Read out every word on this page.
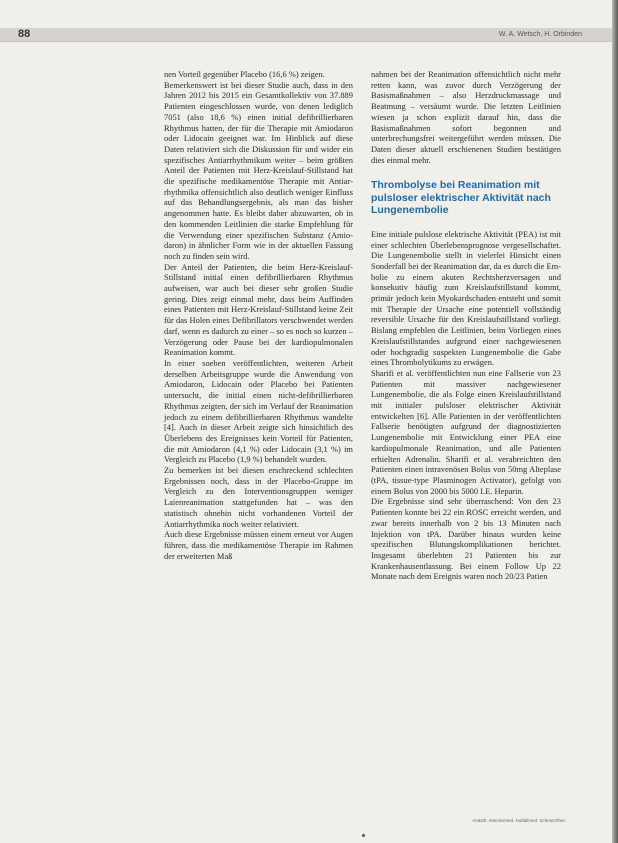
88	W. A. Wetsch, H. Orbinden

nen Vorteil gegenüber Placebo (16,6 %) zeigen.

Bemerkenswert ist bei dieser Studie auch, dass in den Jahren 2012 bis 2015 ein Gesamtkollektiv von 37.889 Patienten eingeschlossen wurde, von denen lediglich 7051 (also 18,6 %) einen initial defibrillierbaren Rhythmus hatten, der für die Therapie mit Amiodaron oder Lidocain geeignet war. Im Hinblick auf diese Daten relativiert sich die Diskussion für und wider ein spezifisches Antiarrhythmikum weiter – beim größten Anteil der Patienten mit Herz-Kreislauf-Stillstand hat die spezifische medikamentöse Therapie mit Antiarrhythmika offensichtlich also deutlich weniger Einfluss auf das Behandlungsergebnis, als man das bisher angenommen hatte. Es bleibt daher abzuwarten, ob in den kommenden Leitlinien die starke Empfehlung für die Verwendung einer spezifischen Substanz (Amiodaron) in ähnlicher Form wie in der aktuellen Fassung noch zu finden sein wird.

Der Anteil der Patienten, die beim Herz-Kreislauf-Stillstand initial einen defibrillierbaren Rhythmus aufweisen, war auch bei dieser sehr großen Studie gering. Dies zeigt einmal mehr, dass beim Auffinden eines Patienten mit Herz-Kreislauf-Stillstand keine Zeit für das Holen eines Defibrillators verschwendet werden darf, wenn es dadurch zu einer – so es noch so kurzen – Verzögerung oder Pause bei der kardiopulmonalen Reanimation kommt.

In einer soeben veröffentlichten, weiteren Arbeit derselben Arbeitsgruppe wurde die Anwendung von Amiodaron, Lidocain oder Placebo bei Patienten untersucht, die initial einen nicht-defibrillierbaren Rhythmus zeigten, der sich im Verlauf der Reanimation jedoch zu einem defibrillierbaren Rhythmus wandelte [4]. Auch in dieser Arbeit zeigte sich hinsichtlich des Überlebens des Ereignisses kein Vorteil für Patienten, die mit Amiodaron (4,1 %) oder Lidocain (3,1 %) im Vergleich zu Placebo (1,9 %) behandelt wurden.

Zu bemerken ist bei diesen erschreckend schlechten Ergebnissen noch, dass in der Placebo-Gruppe im Vergleich zu den Interventionsgruppen weniger Laienreanimation stattgefunden hat – was den statistisch ohnehin nicht vorhandenen Vorteil der Antiarrhythmika noch weiter relativiert.

Auch diese Ergebnisse müssen einem erneut vor Augen führen, dass die medikamentöse Therapie im Rahmen der erweiterten Maß

nahmen bei der Reanimation offensichtlich nicht mehr retten kann, was zuvor durch Verzögerung der Basismaßnahmen – also Herzdruckmassage und Beatmung – versäumt wurde. Die letzten Leitlinien wiesen ja schon explizit darauf hin, dass die Basismaßnahmen sofort begonnen und unterbrechungsfrei weitergeführt werden müssen. Die Daten dieser aktuell erschienenen Studien bestätigen dies einmal mehr.

Thrombolyse bei Reanimation mit pulsloser elektrischer Aktivität nach Lungenembolie

Eine initiale pulslose elektrische Aktivität (PEA) ist mit einer schlechten Überlebensprognose vergesellschaftet. Die Lungenembolie stellt in vielerlei Hinsicht einen Sonderfall bei der Reanimation dar, da es durch die Embolie zu einem akuten Rechtsherzversagen und konsekutiv häufig zum Kreislaufstillstand kommt, primär jedoch kein Myokardschaden entsteht und somit mit Therapie der Ursache eine potentiell vollständig reversible Ursache für den Kreislaufstillstand vorliegt. Bislang empfehlen die Leitlinien, beim Vorliegen eines Kreislaufstillstandes aufgrund einer nachgewiesenen oder hochgradig suspekten Lungenembolie die Gabe eines Thrombolytikums zu erwägen.

Sharifi et al. veröffentlichten nun eine Fallserie von 23 Patienten mit massiver nachgewiesener Lungenembolie, die als Folge einen Kreislaufstillstand mit initialer pulsloser elektrischer Aktivität entwickelten [6]. Alle Patienten in der veröffentlichten Fallserie benötigten aufgrund der diagnostizierten Lungenembolie mit Entwicklung einer PEA eine kardiopulmonale Reanimation, und alle Patienten erhielten Adrenalin. Sharifi et al. verabreichten den Patienten einen intravenösen Bolus von 50mg Alteplase (tPA, tissue-type Plasminogen Activator), gefolgt von einem Bolus von 2000 bis 5000 I.E. Heparin.

Die Ergebnisse sind sehr überraschend: Von den 23 Patienten konnte bei 22 ein ROSC erreicht werden, und zwar bereits innerhalb von 2 bis 13 Minuten nach Injektion von tPA. Darüber hinaus wurden keine spezifischen Blutungskomplikationen berichtet. Insgesamt überlebten 21 Patienten bis zur Krankenhausentlassung. Bei einem Follow Up 22 Monate nach dem Ereignis waren noch 20/23 Patien

Anästh. Intensivmed. Notfallmed. Schmerzther.
